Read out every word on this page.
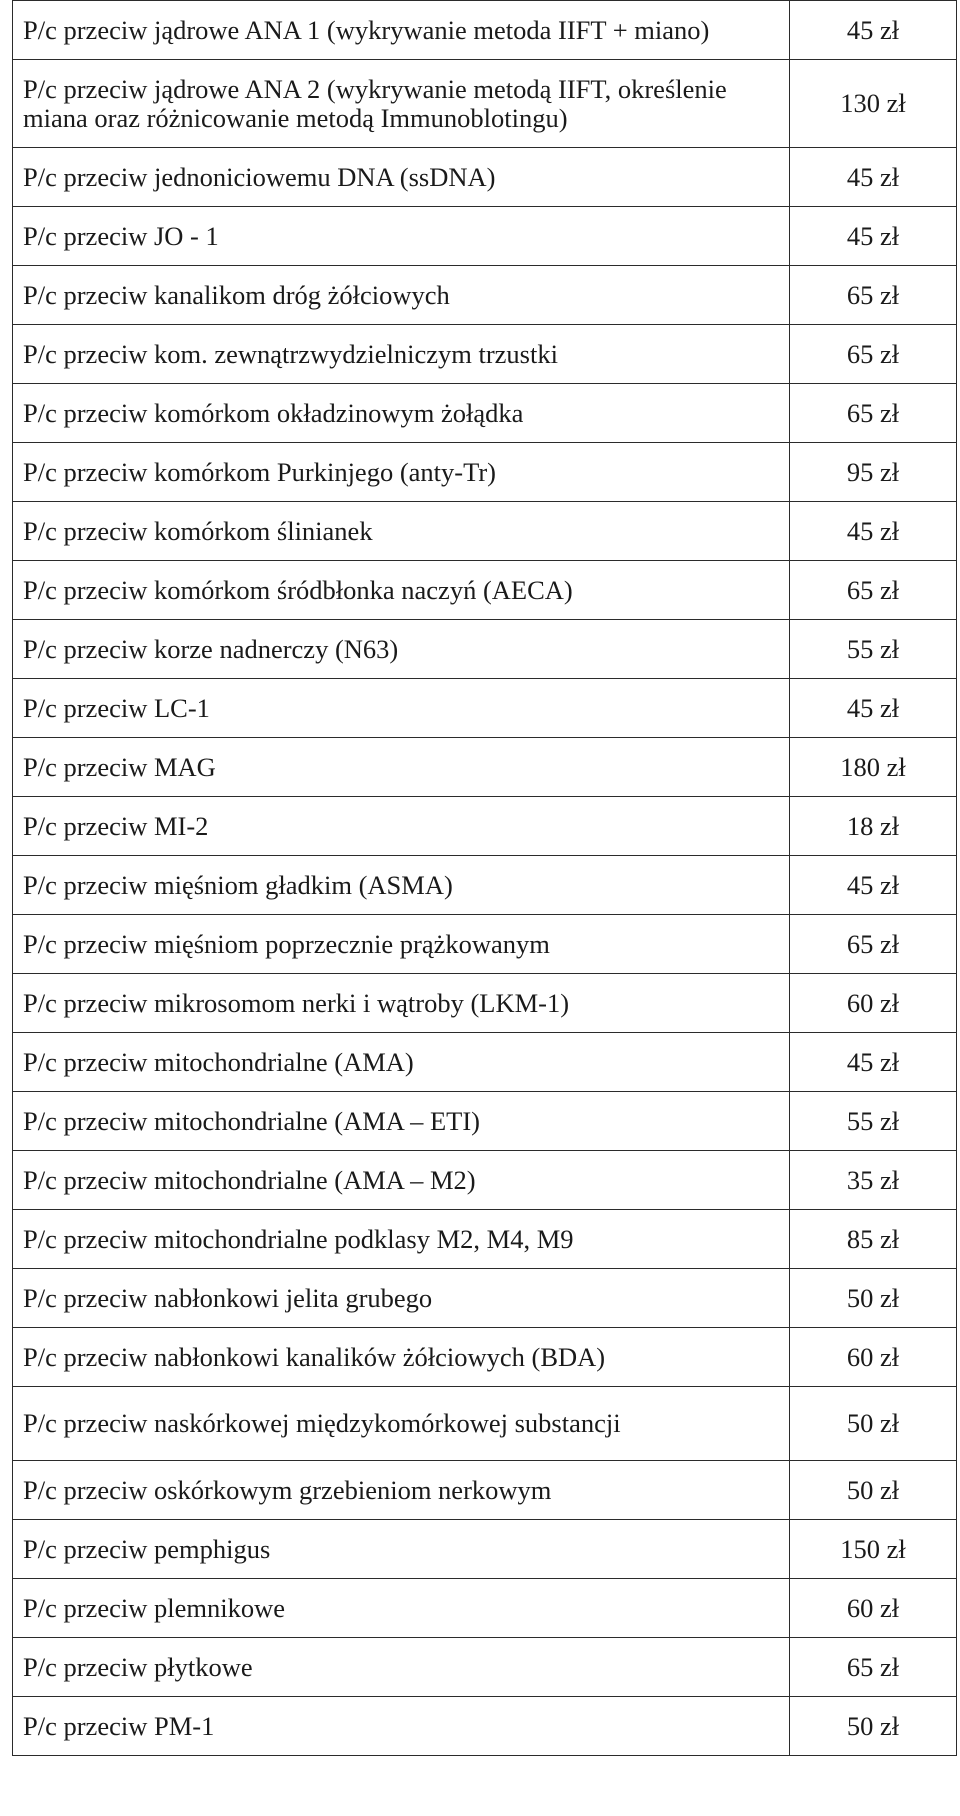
P/c przeciw jądrowe ANA 1 (wykrywanie metoda IIFT + miano)	45 zł
P/c przeciw jądrowe ANA 2 (wykrywanie metodą IIFT, określenie miana oraz różnicowanie metodą Immunoblotingu)	130 zł
P/c przeciw jednoniciowemu DNA (ssDNA)	45 zł
P/c przeciw JO - 1	45 zł
P/c przeciw kanalikom dróg żółciowych	65 zł
P/c przeciw kom. zewnątrzwydzielniczym trzustki	65 zł
P/c przeciw komórkom okładzinowym żołądka	65 zł
P/c przeciw komórkom Purkinjego (anty-Tr)	95 zł
P/c przeciw komórkom ślinianek	45 zł
P/c przeciw komórkom śródbłonka naczyń (AECA)	65 zł
P/c przeciw korze nadnerczy (N63)	55 zł
P/c przeciw LC-1	45 zł
P/c przeciw MAG	180 zł
P/c przeciw MI-2	18 zł
P/c przeciw mięśniom gładkim (ASMA)	45 zł
P/c przeciw mięśniom poprzecznie prążkowanym	65 zł
P/c przeciw mikrosomom nerki i wątroby (LKM-1)	60 zł
P/c przeciw mitochondrialne (AMA)	45 zł
P/c przeciw mitochondrialne (AMA – ETI)	55 zł
P/c przeciw mitochondrialne (AMA – M2)	35 zł
P/c przeciw mitochondrialne podklasy M2, M4, M9	85 zł
P/c przeciw nabłonkowi jelita grubego	50 zł
P/c przeciw nabłonkowi kanalików żółciowych (BDA)	60 zł
P/c przeciw naskórkowej międzykomórkowej substancji	50 zł
P/c przeciw oskórkowym grzebieniom nerkowym	50 zł
P/c przeciw pemphigus	150 zł
P/c przeciw plemnikowe	60 zł
P/c przeciw płytkowe	65 zł
P/c przeciw PM-1	50 zł
